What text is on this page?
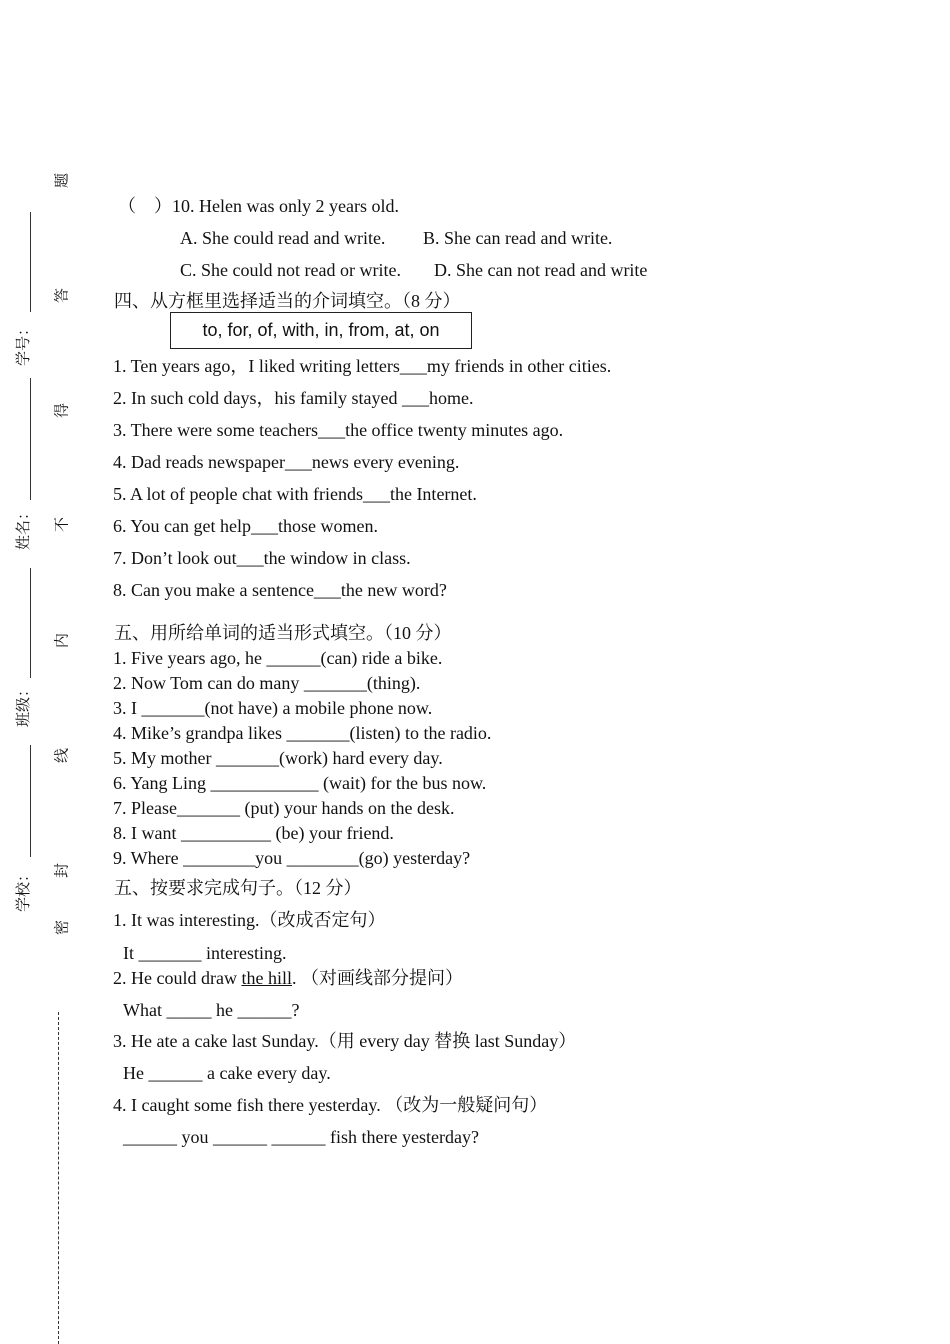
题
答
得
不
内
线
封
密
学号：
姓名：
班级：
学校：
（　）10. Helen was only 2 years old.
A. She could read and write. B. She can read and write.
C. She could not read or write. D. She can not read and write
四、从方框里选择适当的介词填空。（8 分）
to, for, of, with, in, from, at, on
1. Ten years ago，I liked writing letters___my friends in other cities.
2. In such cold days，his family stayed ___home.
3. There were some teachers___the office twenty minutes ago.
4. Dad reads newspaper___news every evening.
5. A lot of people chat with friends___the Internet.
6. You can get help___those women.
7. Don’t look out___the window in class.
8. Can you make a sentence___the new word?
五、用所给单词的适当形式填空。（10 分）
1. Five years ago, he ______(can) ride a bike.
2. Now Tom can do many _______(thing).
3. I _______(not have) a mobile phone now.
4. Mike’s grandpa likes _______(listen) to the radio.
5. My mother _______(work) hard every day.
6. Yang Ling ____________ (wait) for the bus now.
7. Please_______ (put) your hands on the desk.
8. I want __________ (be) your friend.
9. Where ________you ________(go) yesterday?
五、按要求完成句子。（12 分）
1. It was interesting.（改成否定句）
It _______ interesting.
2. He could draw the hill. （对画线部分提问）
What _____ he ______?
3. He ate a cake last Sunday.（用 every day 替换 last Sunday）
He ______ a cake every day.
4. I caught some fish there yesterday. （改为一般疑问句）
______ you ______ ______ fish there yesterday?
